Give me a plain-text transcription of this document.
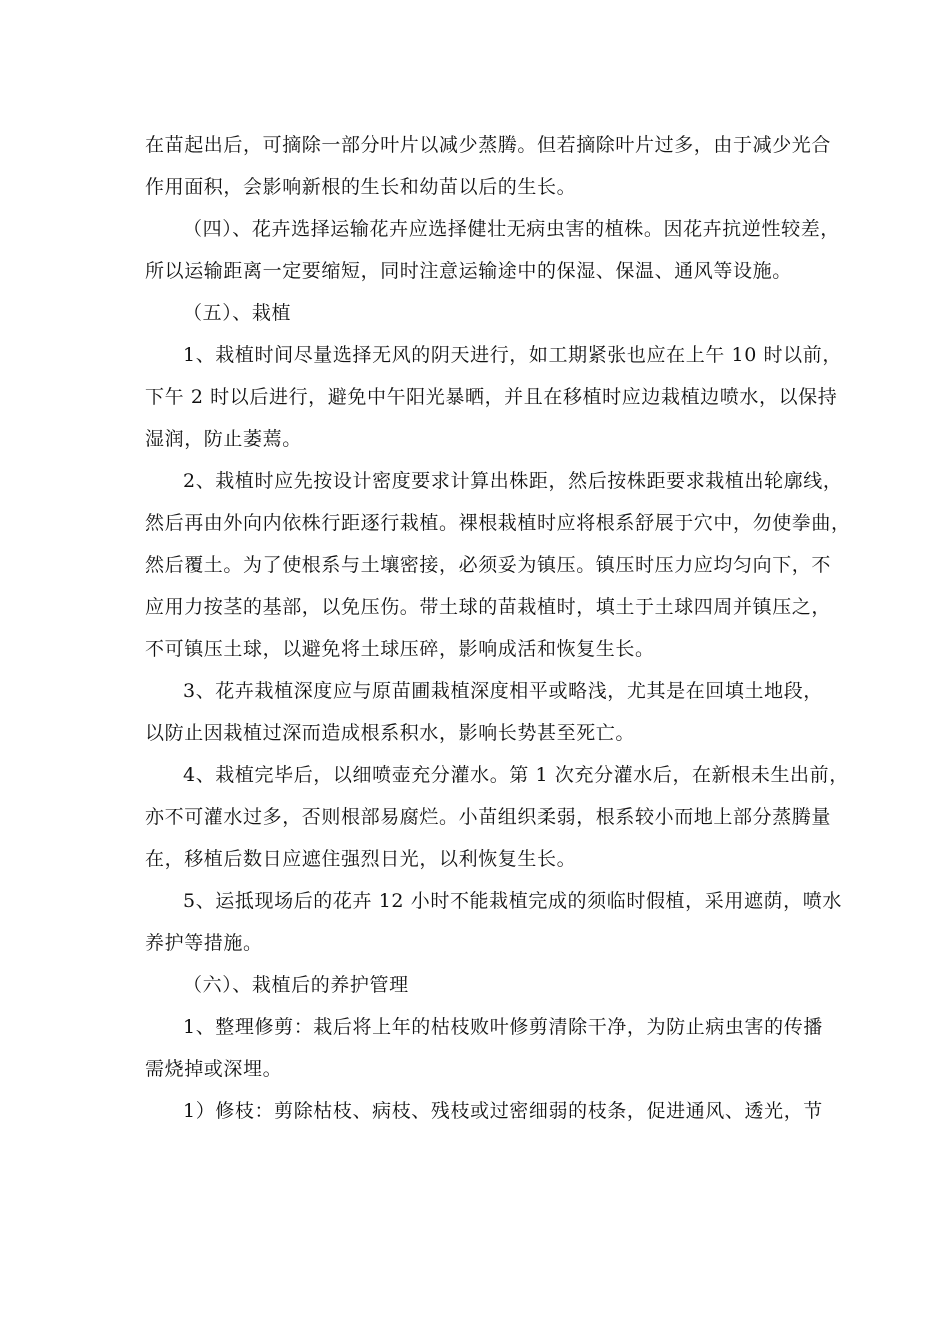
在苗起出后，可摘除一部分叶片以减少蒸腾。但若摘除叶片过多，由于减少光合
作用面积，会影响新根的生长和幼苗以后的生长。
（四）、花卉选择运输花卉应选择健壮无病虫害的植株。因花卉抗逆性较差，
所以运输距离一定要缩短，同时注意运输途中的保湿、保温、通风等设施。
（五）、栽植
1、栽植时间尽量选择无风的阴天进行，如工期紧张也应在上午 10 时以前，
下午 2 时以后进行，避免中午阳光暴晒，并且在移植时应边栽植边喷水，以保持
湿润，防止萎蔫。
2、栽植时应先按设计密度要求计算出株距，然后按株距要求栽植出轮廓线，
然后再由外向内依株行距逐行栽植。裸根栽植时应将根系舒展于穴中，勿使拳曲，
然后覆土。为了使根系与土壤密接，必须妥为镇压。镇压时压力应均匀向下，不
应用力按茎的基部，以免压伤。带土球的苗栽植时，填土于土球四周并镇压之，
不可镇压土球，以避免将土球压碎，影响成活和恢复生长。
3、花卉栽植深度应与原苗圃栽植深度相平或略浅，尤其是在回填土地段，
以防止因栽植过深而造成根系积水，影响长势甚至死亡。
4、栽植完毕后，以细喷壶充分灌水。第 1 次充分灌水后，在新根未生出前，
亦不可灌水过多，否则根部易腐烂。小苗组织柔弱，根系较小而地上部分蒸腾量
在，移植后数日应遮住强烈日光，以利恢复生长。
5、运抵现场后的花卉 12 小时不能栽植完成的须临时假植，采用遮荫，喷水
养护等措施。
（六）、栽植后的养护管理
1、整理修剪：栽后将上年的枯枝败叶修剪清除干净，为防止病虫害的传播
需烧掉或深埋。
1）修枝：剪除枯枝、病枝、残枝或过密细弱的枝条，促进通风、透光，节
